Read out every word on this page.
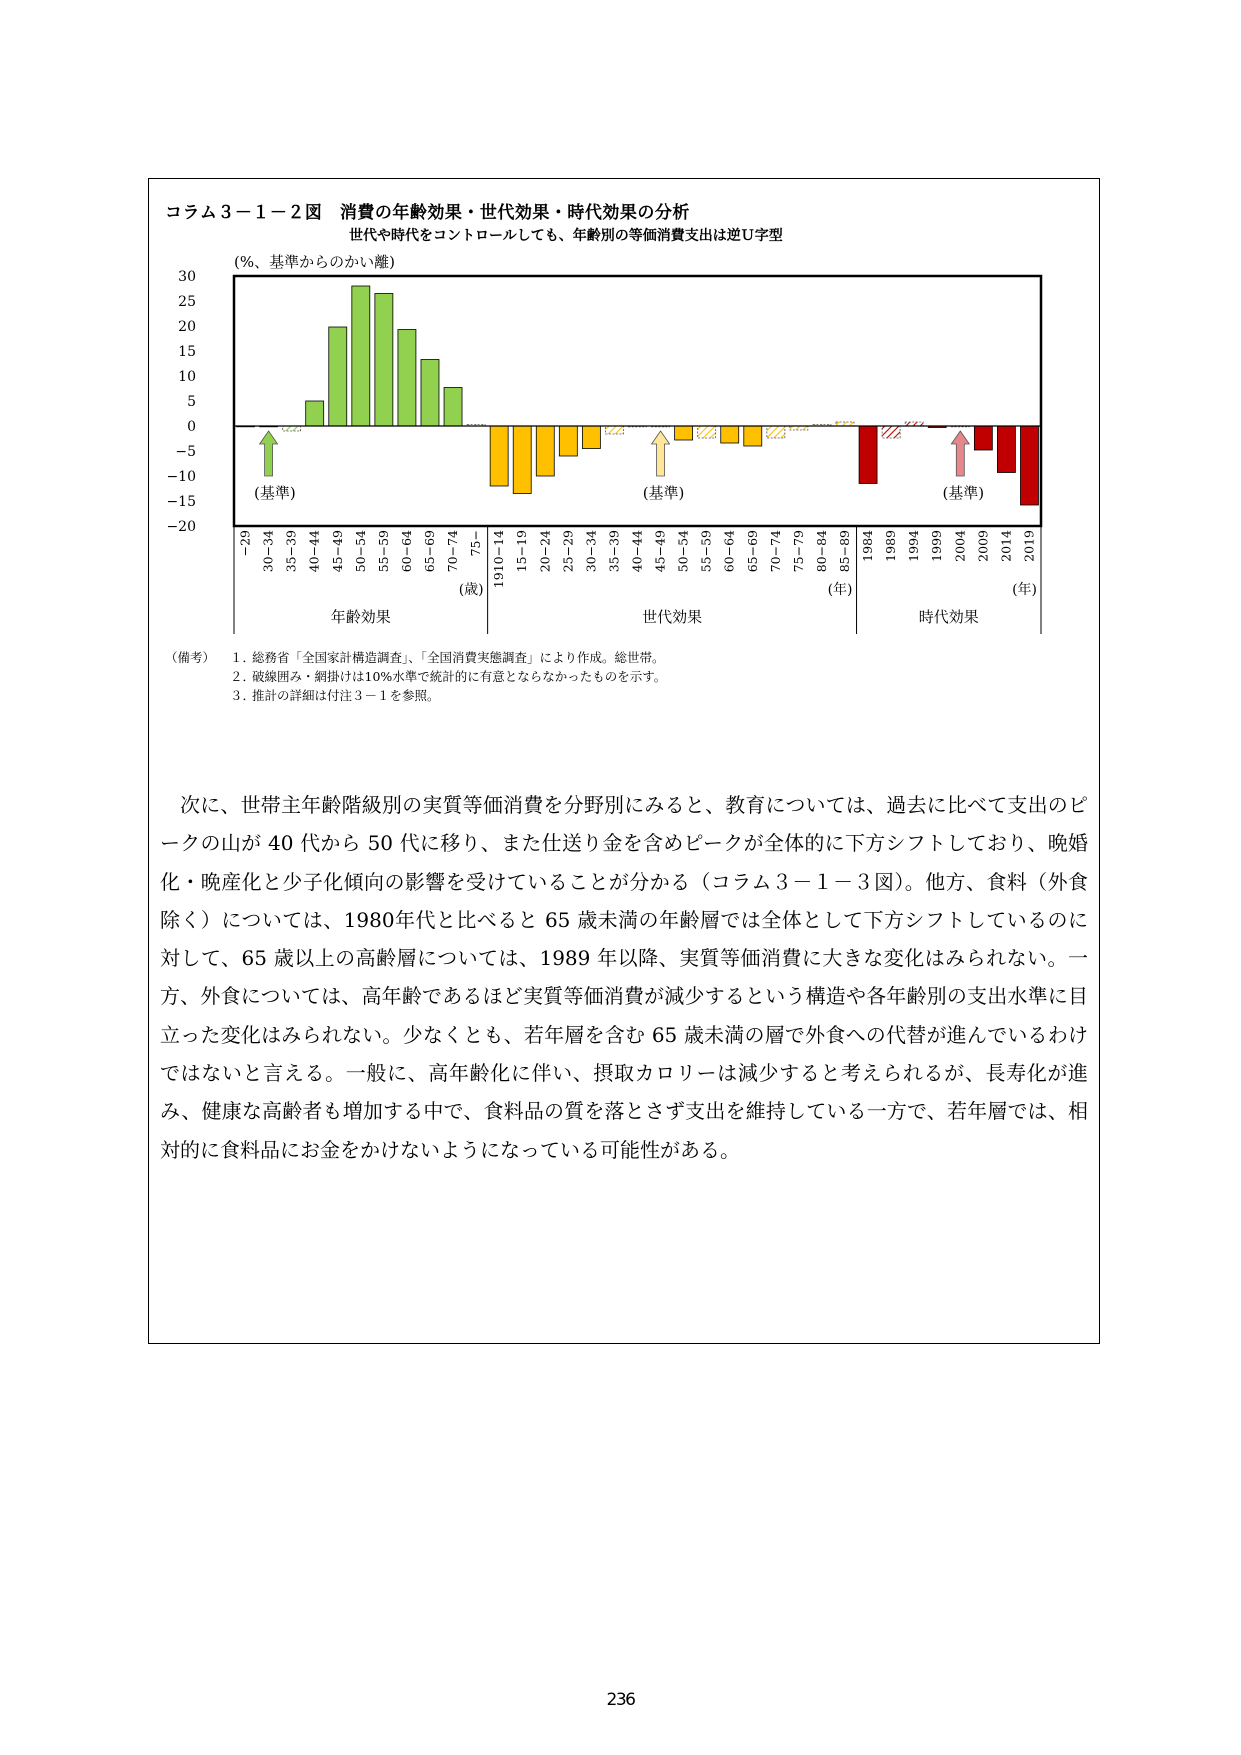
コラム３－１－２図　消費の年齢効果・世代効果・時代効果の分析
世代や時代をコントロールしても、年齢別の等価消費支出は逆Ｕ字型
(%、基準からのかい離)
30
25
20
15
10
5
0
−5
−10
−15
−20
(基準)	(基準)	(基準)
−29 30−34 35−39 40−44 45−49 50−54 55−59 60−64 65−69 70−74 75−
(歳)
年齢効果
1910−14 15−19 20−24 25−29 30−34 35−39 40−44 45−49 50−54 55−59 60−64 65−69 70−74 75−79 80−84 85−89
(年)
世代効果
1984 1989 1994 1999 2004 2009 2014 2019
(年)
時代効果
（備考）	１．
総務省「全国家計構造調査」、「全国消費実態調査」により作成。総世帯。
２．
破線囲み・網掛けは10%水準で統計的に有意とならなかったものを示す。
３．
推計の詳細は付注３－１を参照。
次に、世帯主年齢階級別の実質等価消費を分野別にみると、教育については、過去に比べて支出のピークの山が 40 代から 50 代に移り、また仕送り金を含めピークが全体的に下方シフトしており、晩婚化・晩産化と少子化傾向の影響を受けていることが分かる（コラム３－１－３図）。他方、食料（外食除く）については、1980年代と比べると 65 歳未満の年齢層では全体として下方シフトしているのに対して、65 歳以上の高齢層については、1989 年以降、実質等価消費に大きな変化はみられない。一方、外食については、高年齢であるほど実質等価消費が減少するという構造や各年齢別の支出水準に目立った変化はみられない。少なくとも、若年層を含む 65 歳未満の層で外食への代替が進んでいるわけではないと言える。一般に、高年齢化に伴い、摂取カロリーは減少すると考えられるが、長寿化が進み、健康な高齢者も増加する中で、食料品の質を落とさず支出を維持している一方で、若年層では、相対的に食料品にお金をかけないようになっている可能性がある。
236
